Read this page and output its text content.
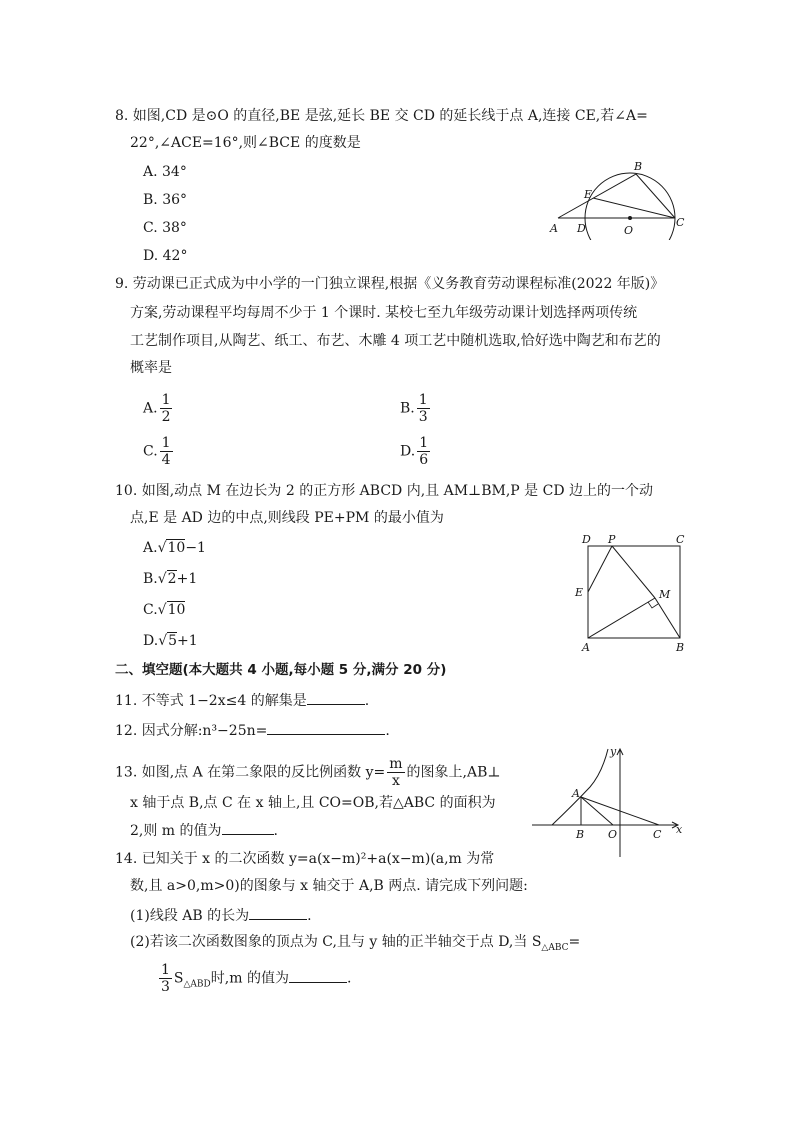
8. 如图,CD 是⊙O 的直径,BE 是弦,延长 BE 交 CD 的延长线于点 A,连接 CE,若∠A=
22°,∠ACE=16°,则∠BCE 的度数是
A. 34°
B. 36°
C. 38°
D. 42°
B
E
A D	O
C
9. 劳动课已正式成为中小学的一门独立课程,根据《义务教育劳动课程标准(2022 年版)》
方案,劳动课程平均每周不少于 1 个课时. 某校七至九年级劳动课计划选择两项传统
工艺制作项目,从陶艺、纸工、布艺、木雕 4 项工艺中随机选取,恰好选中陶艺和布艺的
概率是
A. $\frac{1}{2}$	B. $\frac{1}{3}$
C. $\frac{1}{4}$	D. $\frac{1}{6}$
10. 如图,动点 M 在边长为 2 的正方形 ABCD 内,且 AM⊥BM,P 是 CD 边上的一个动
点,E 是 AD 边的中点,则线段 PE+PM 的最小值为
A.√10−1
B.√2+1
C.√10
D.√5+1
D P	C
E	M
A	B
二、填空题(本大题共 4 小题,每小题 5 分,满分 20 分)
11. 不等式 1−2x≤4 的解集是	.
12. 因式分解:n³−25n=	.
13. 如图,点 A 在第二象限的反比例函数 $y= \frac{m}{x}$ 的图象上,AB⊥
x 轴于点 B,点 C 在 x 轴上,且 CO=OB,若△ABC 的面积为
2,则 m 的值为	.
y
A
B O	C x
14. 已知关于 x 的二次函数 y=a(x−m)²+a(x−m)(a,m 为常
数,且 a>0,m>0)的图象与 x 轴交于 A,B 两点. 请完成下列问题:
(1)线段 AB 的长为	.
(2)若该二次函数图象的顶点为 C,且与 y 轴的正半轴交于点 D,当 $S_{\triangle ABC}=$
$\frac{1}{3} S_{\triangle ABD}$时,m 的值为	.
